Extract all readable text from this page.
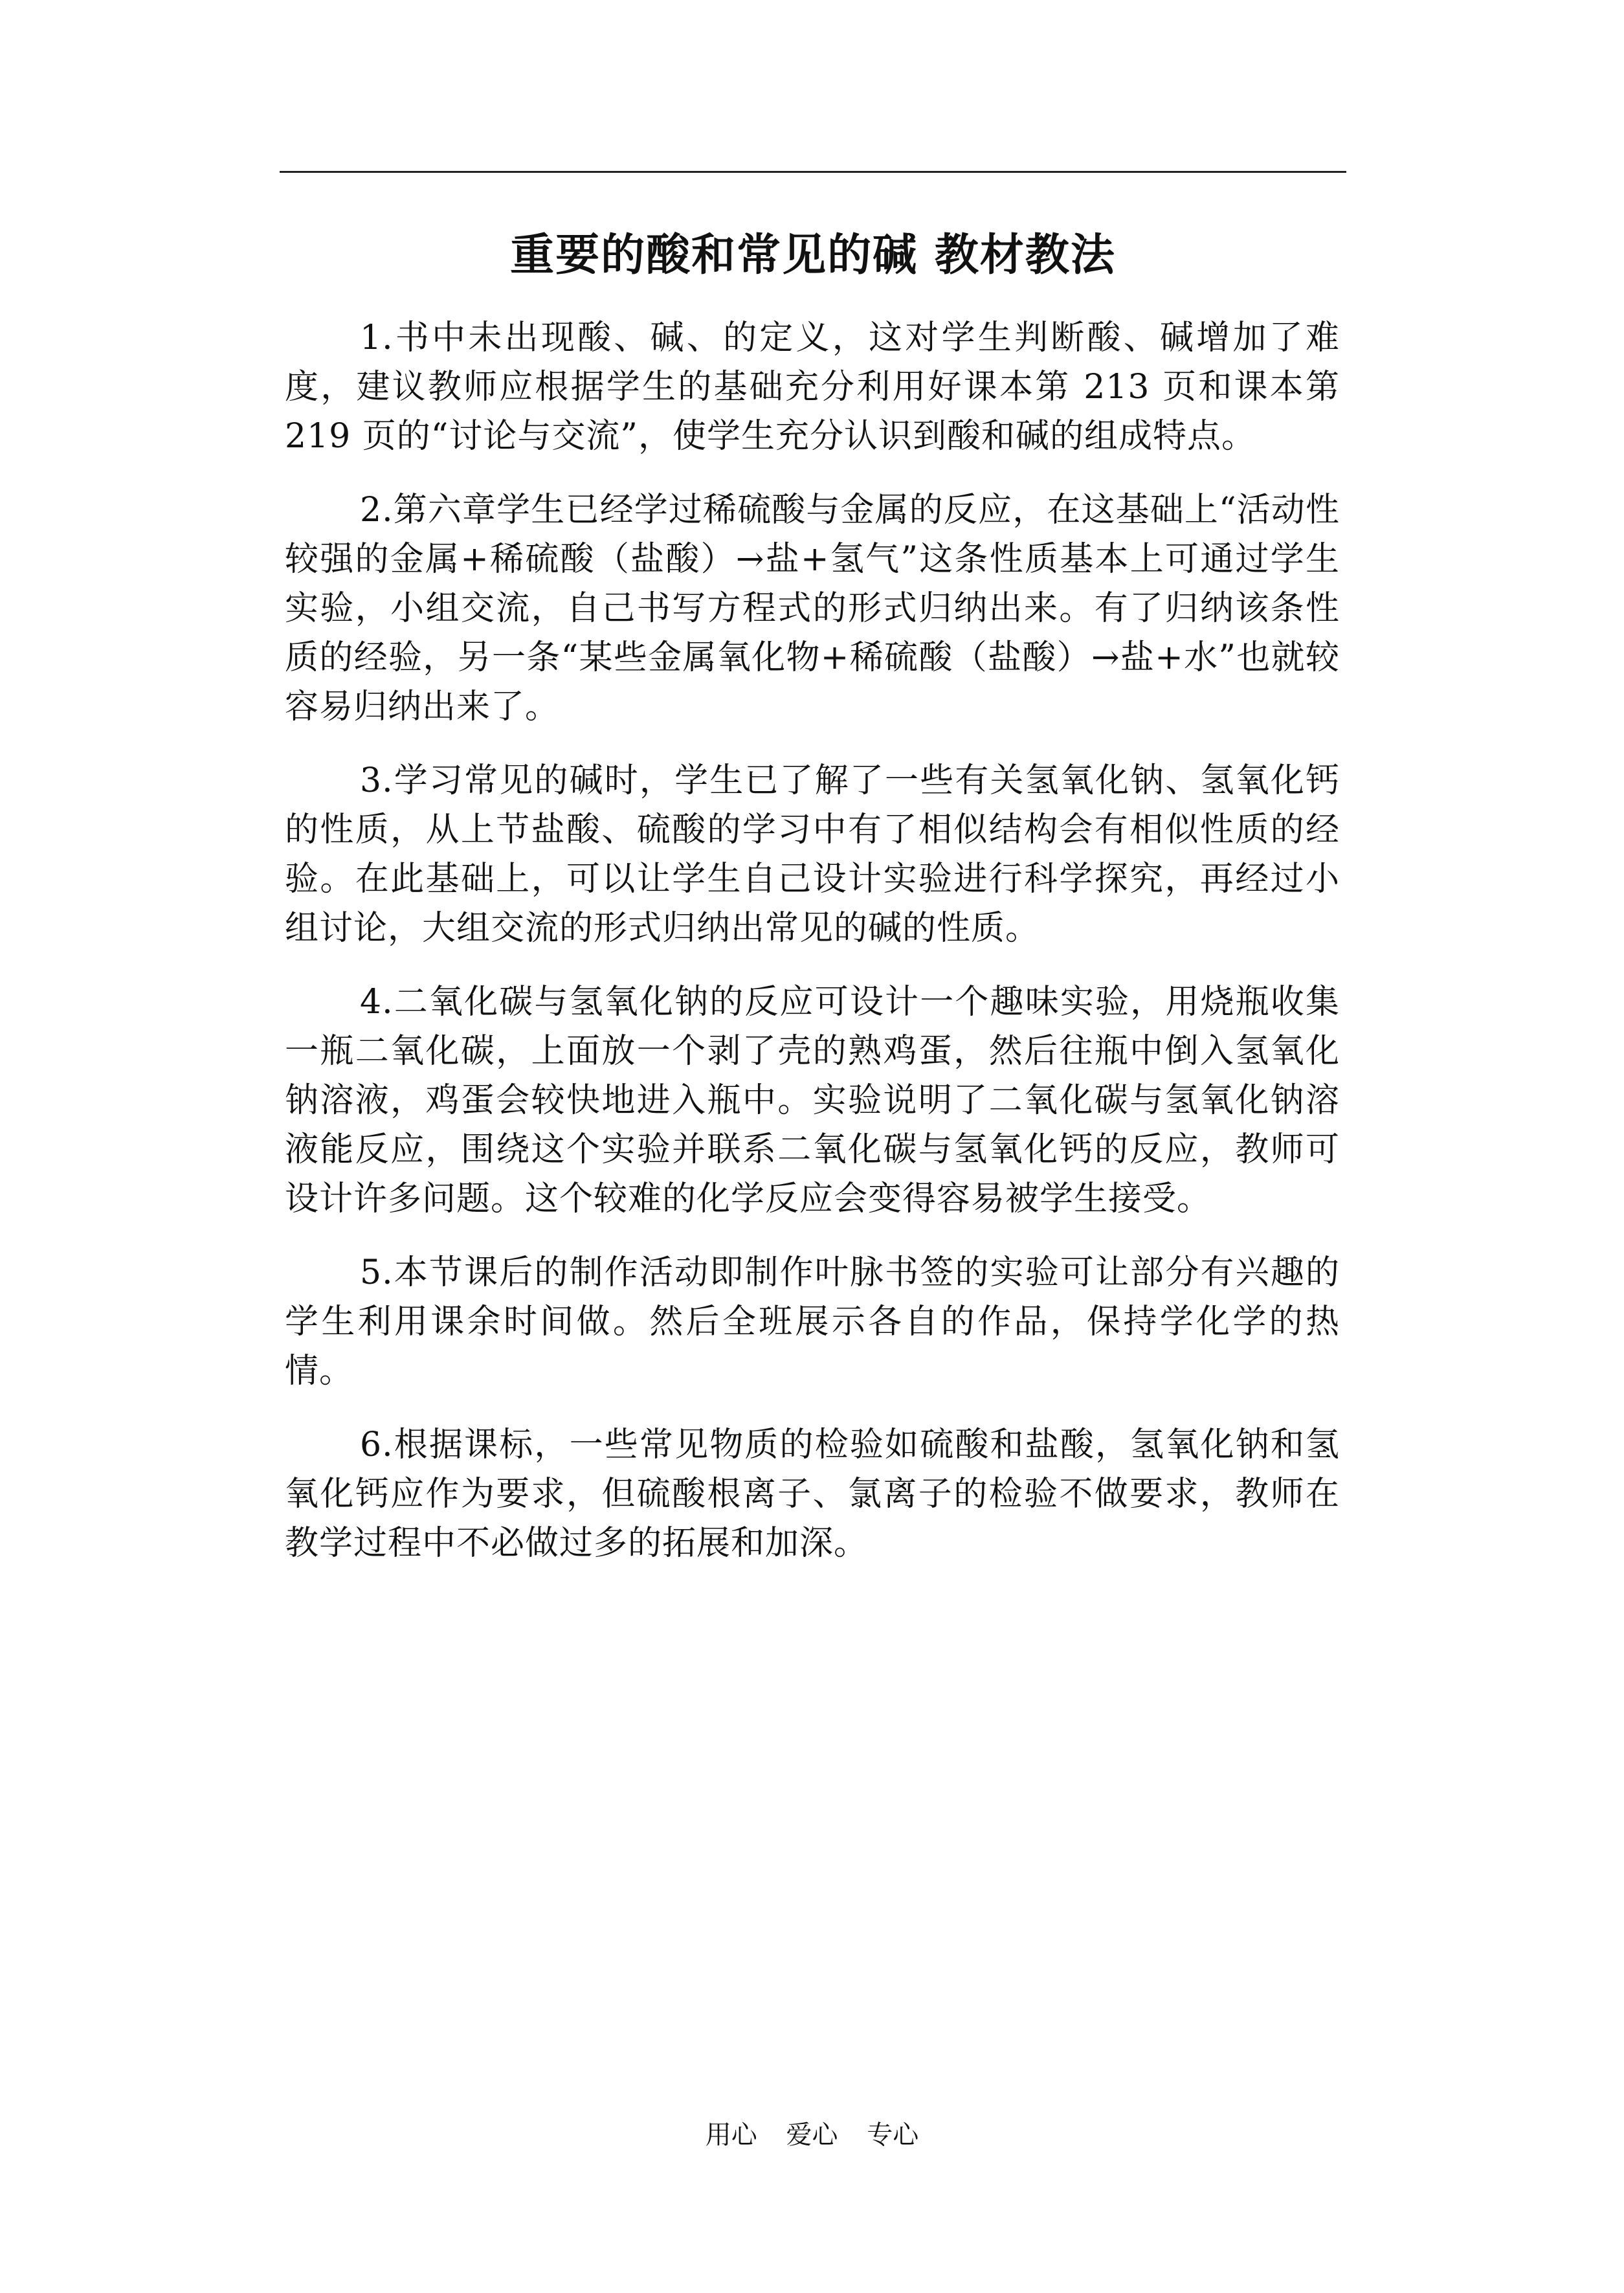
重要的酸和常见的碱 教材教法

1.书中未出现酸、碱、的定义，这对学生判断酸、碱增加了难度，建议教师应根据学生的基础充分利用好课本第 213 页和课本第 219 页的“讨论与交流”，使学生充分认识到酸和碱的组成特点。

2.第六章学生已经学过稀硫酸与金属的反应，在这基础上“活动性较强的金属+稀硫酸（盐酸）→盐+氢气”这条性质基本上可通过学生实验，小组交流，自己书写方程式的形式归纳出来。有了归纳该条性质的经验，另一条“某些金属氧化物+稀硫酸（盐酸）→盐+水”也就较容易归纳出来了。

3.学习常见的碱时，学生已了解了一些有关氢氧化钠、氢氧化钙的性质，从上节盐酸、硫酸的学习中有了相似结构会有相似性质的经验。在此基础上，可以让学生自己设计实验进行科学探究，再经过小组讨论，大组交流的形式归纳出常见的碱的性质。

4.二氧化碳与氢氧化钠的反应可设计一个趣味实验，用烧瓶收集一瓶二氧化碳，上面放一个剥了壳的熟鸡蛋，然后往瓶中倒入氢氧化钠溶液，鸡蛋会较快地进入瓶中。实验说明了二氧化碳与氢氧化钠溶液能反应，围绕这个实验并联系二氧化碳与氢氧化钙的反应，教师可设计许多问题。这个较难的化学反应会变得容易被学生接受。

5.本节课后的制作活动即制作叶脉书签的实验可让部分有兴趣的学生利用课余时间做。然后全班展示各自的作品，保持学化学的热情。

6.根据课标，一些常见物质的检验如硫酸和盐酸，氢氧化钠和氢氧化钙应作为要求，但硫酸根离子、氯离子的检验不做要求，教师在教学过程中不必做过多的拓展和加深。

用心 爱心 专心
